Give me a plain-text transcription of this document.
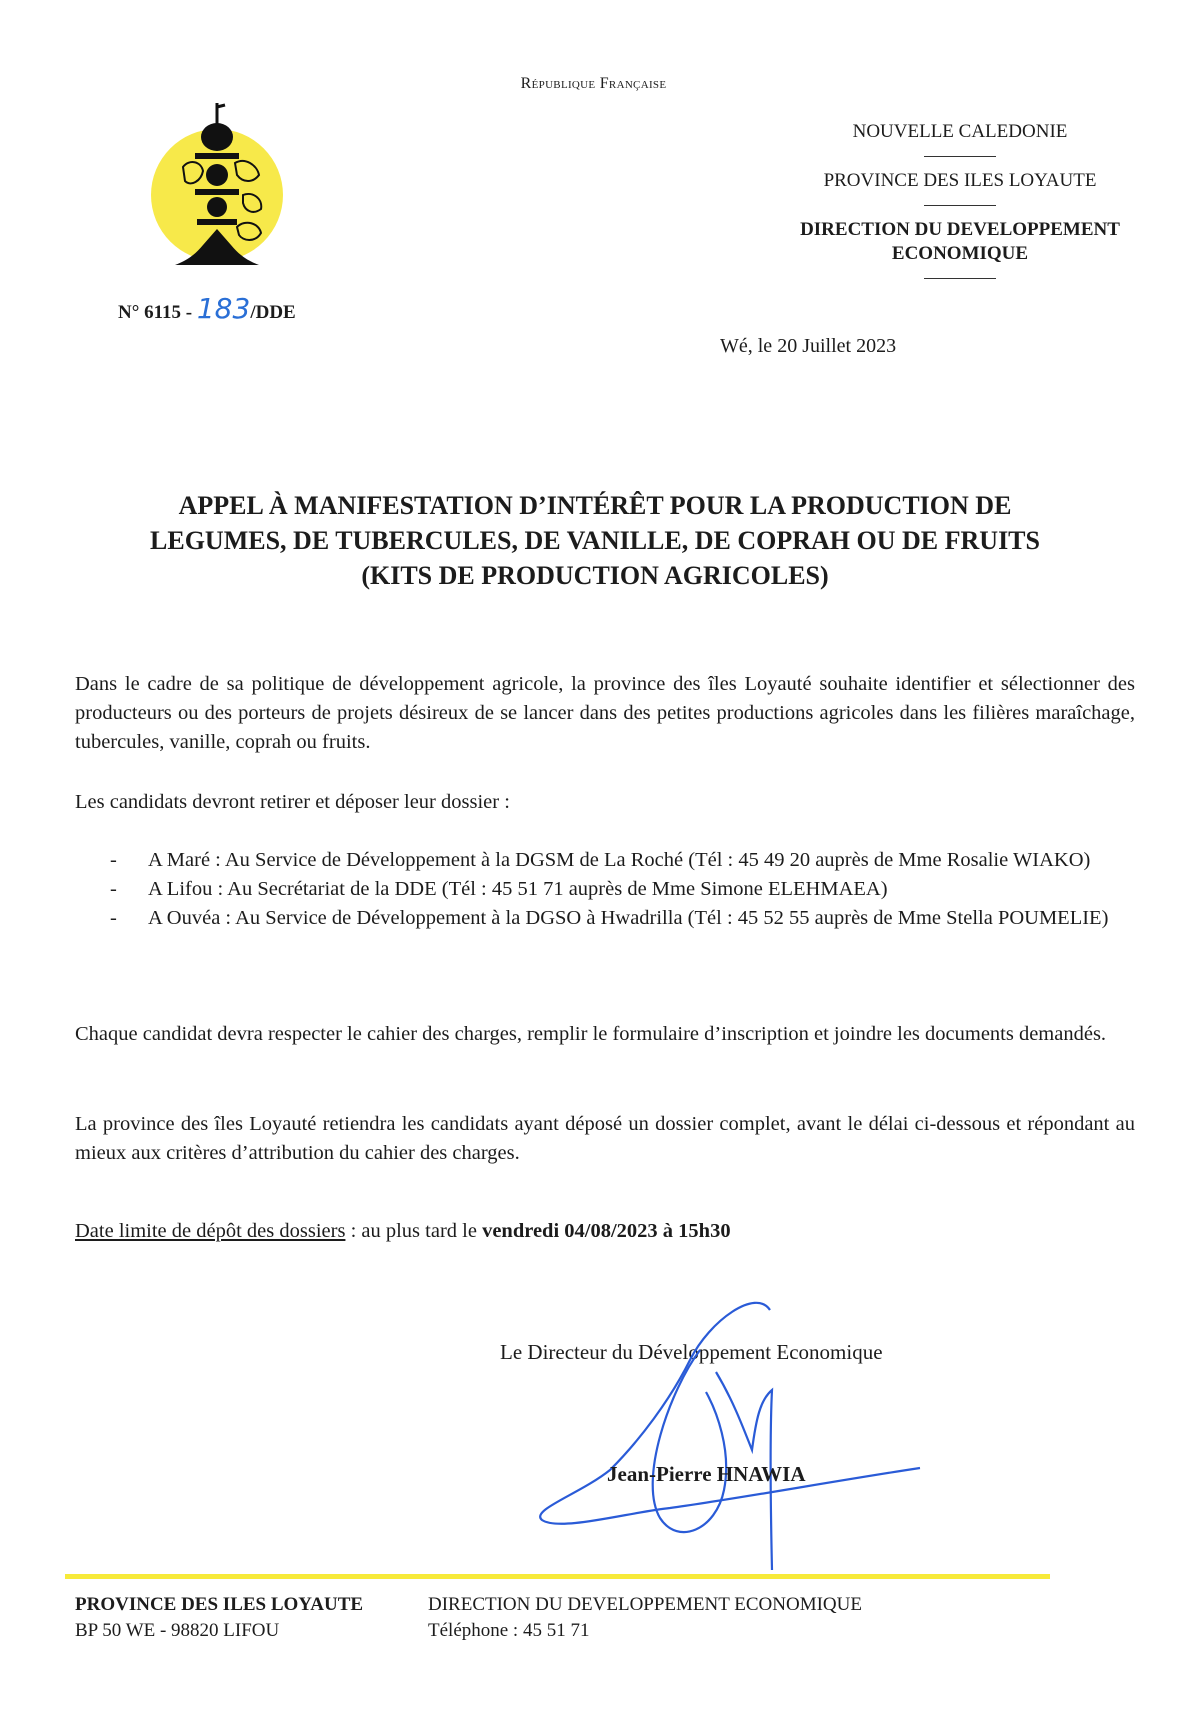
République Française
NOUVELLE CALEDONIE
PROVINCE DES ILES LOYAUTE
DIRECTION DU DEVELOPPEMENT
ECONOMIQUE
N° 6115 - 183/DDE
Wé, le 20 Juillet 2023
APPEL À MANIFESTATION D’INTÉRÊT POUR LA PRODUCTION DE
LEGUMES, DE TUBERCULES, DE VANILLE, DE COPRAH OU DE FRUITS
(KITS DE PRODUCTION AGRICOLES)
Dans le cadre de sa politique de développement agricole, la province des îles Loyauté souhaite identifier et sélectionner des producteurs ou des porteurs de projets désireux de se lancer dans des petites productions agricoles dans les filières maraîchage, tubercules, vanille, coprah ou fruits.
Les candidats devront retirer et déposer leur dossier :
- A Maré : Au Service de Développement à la DGSM de La Roché (Tél : 45 49 20 auprès de Mme Rosalie WIAKO)
- A Lifou : Au Secrétariat de la DDE (Tél : 45 51 71 auprès de Mme Simone ELEHMAEA)
- A Ouvéa : Au Service de Développement à la DGSO à Hwadrilla (Tél : 45 52 55 auprès de Mme Stella POUMELIE)
Chaque candidat devra respecter le cahier des charges, remplir le formulaire d’inscription et joindre les documents demandés.
La province des îles Loyauté retiendra les candidats ayant déposé un dossier complet, avant le délai ci-dessous et répondant au mieux aux critères d’attribution du cahier des charges.
Date limite de dépôt des dossiers : au plus tard le vendredi 04/08/2023 à 15h30
Le Directeur du Développement Economique
Jean-Pierre HNAWIA
PROVINCE DES ILES LOYAUTE
BP 50 WE - 98820 LIFOU
DIRECTION DU DEVELOPPEMENT ECONOMIQUE
Téléphone : 45 51 71
